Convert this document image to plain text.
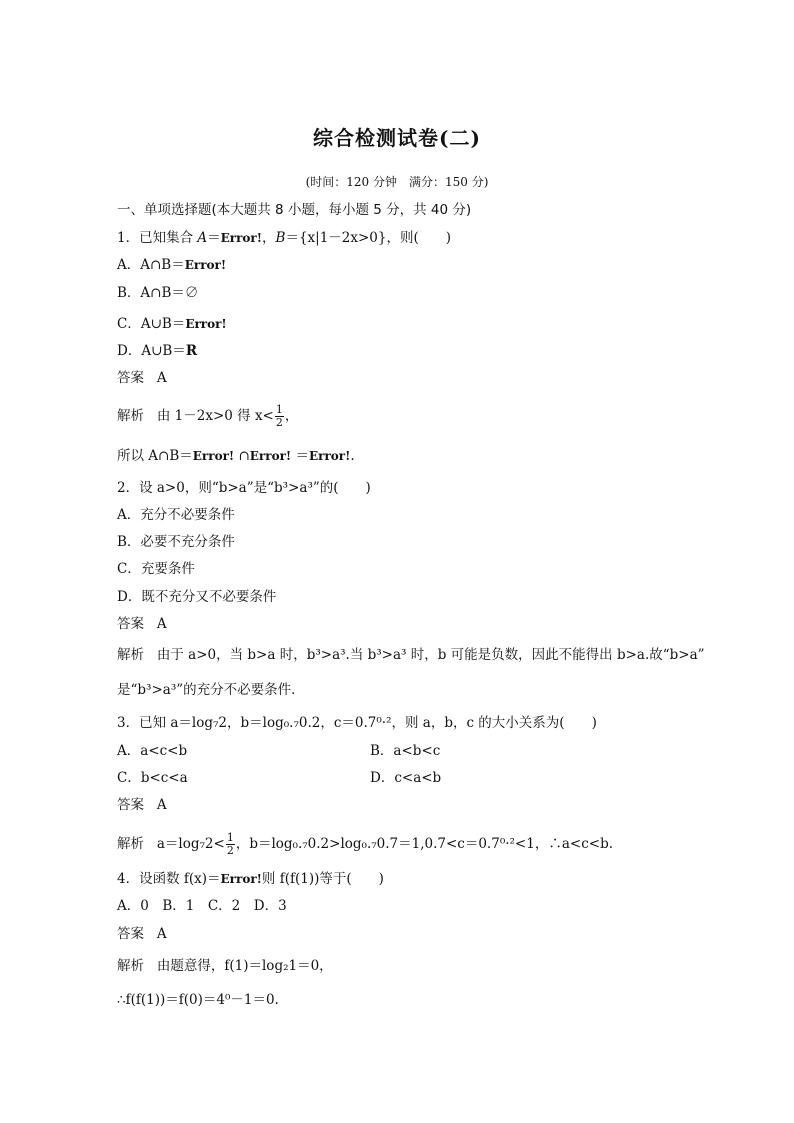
综合检测试卷(二)
(时间：120 分钟　满分：150 分)
一、单项选择题(本大题共 8 小题，每小题 5 分，共 40 分)
1．已知集合 A＝Error!，B＝{x|1－2x>0}，则(　　)
A．A∩B＝Error!
B．A∩B＝∅
C．A∪B＝Error!
D．A∪B＝R
答案 A
解析 由 1－2x>0 得 $x< \frac{1}{2}$ ，
所以 A∩B＝Error! ∩Error! ＝Error!.
2．设 a>0，则“b>a”是“b³>a³”的(　　)
A．充分不必要条件
B．必要不充分条件
C．充要条件
D．既不充分又不必要条件
答案 A
解析 由于 a>0，当 b>a 时，b³>a³.当 b³>a³ 时，b 可能是负数，因此不能得出 b>a.故“b>a”
是“b³>a³”的充分不必要条件．
3．已知 a＝log₇2，b＝log₀.₇0.2，c＝0.7⁰·²，则 a，b，c 的大小关系为(　　)
A．a<c<b	B．a<b<c
C．b<c<a	D．c<a<b
答案 A
解析 $a=\log_72< \frac{1}{2}$ ，b＝log₀.₇0.2>log₀.₇0.7＝1,0.7<c＝0.7⁰·²<1，∴a<c<b.
4．设函数 f(x)＝Error!则 f(f(1))等于(　　)
A．0　B．1　C．2　D．3
答案 A
解析 由题意得，f(1)＝log₂1＝0，
∴f(f(1))＝f(0)＝4⁰－1＝0.
